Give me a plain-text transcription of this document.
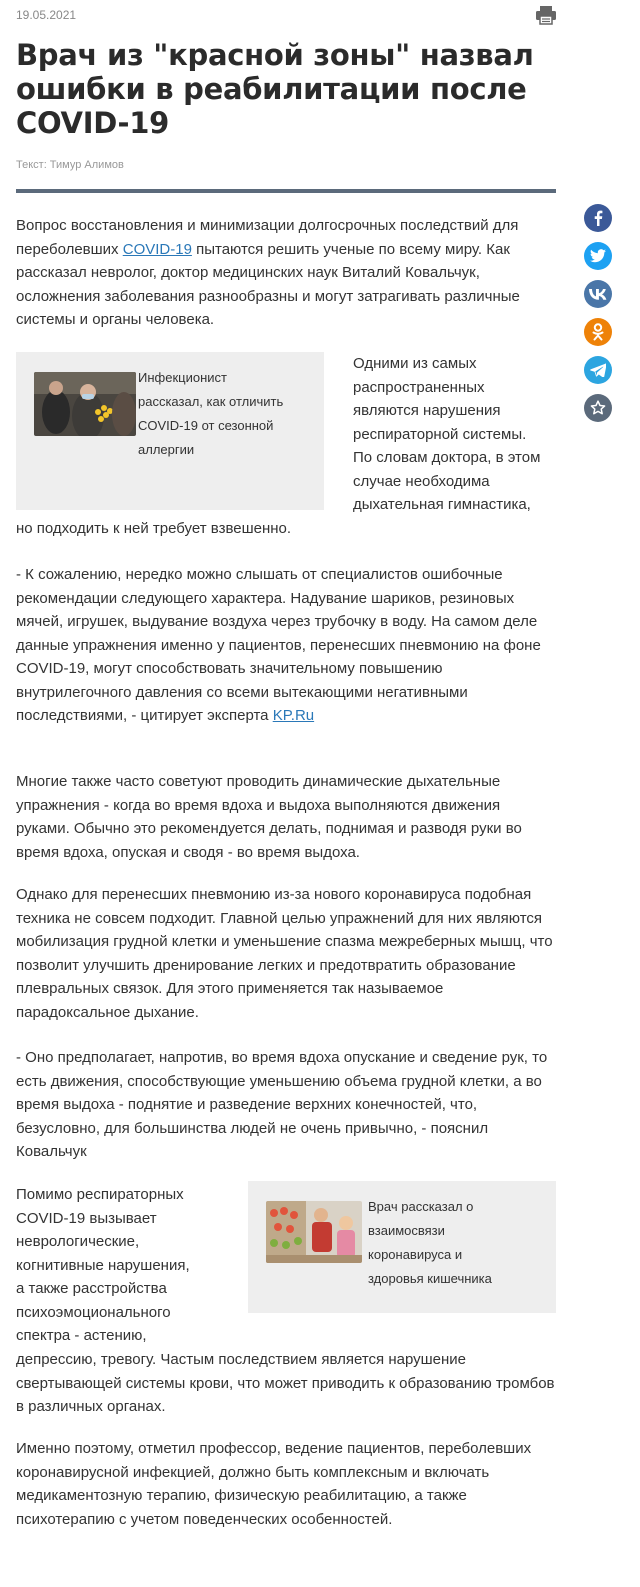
19.05.2021
Врач из "красной зоны" назвал ошибки в реабилитации после COVID-19
Текст: Тимур Алимов

Вопрос восстановления и минимизации долгосрочных последствий для переболевших COVID-19 пытаются решить ученые по всему миру. Как рассказал невролог, доктор медицинских наук Виталий Ковальчук, осложнения заболевания разнообразны и могут затрагивать различные системы и органы человека.

Инфекционист
рассказал, как отличить
COVID-19 от сезонной
аллергии
Одними из самых
распространенных
являются нарушения
респираторной системы.
По словам доктора, в этом
случае необходима
дыхательная гимнастика,

но подходить к ней требует взвешенно.

- К сожалению, нередко можно слышать от специалистов ошибочные рекомендации следующего характера. Надувание шариков, резиновых мячей, игрушек, выдувание воздуха через трубочку в воду. На самом деле данные упражнения именно у пациентов, перенесших пневмонию на фоне COVID-19, могут способствовать значительному повышению внутрилегочного давления со всеми вытекающими негативными последствиями, - цитирует эксперта KP.Ru

Многие также часто советуют проводить динамические дыхательные упражнения - когда во время вдоха и выдоха выполняются движения руками. Обычно это рекомендуется делать, поднимая и разводя руки во время вдоха, опуская и сводя - во время выдоха.

Однако для перенесших пневмонию из-за нового коронавируса подобная техника не совсем подходит. Главной целью упражнений для них являются мобилизация грудной клетки и уменьшение спазма межреберных мышц, что позволит улучшить дренирование легких и предотвратить образование плевральных связок. Для этого применяется так называемое парадоксальное дыхание.

- Оно предполагает, напротив, во время вдоха опускание и сведение рук, то есть движения, способствующие уменьшению объема грудной клетки, а во время выдоха - поднятие и разведение верхних конечностей, что, безусловно, для большинства людей не очень привычно, - пояснил Ковальчук

Помимо респираторных
COVID-19 вызывает
неврологические,
когнитивные нарушения,
а также расстройства
психоэмоционального
спектра - астению,
Врач рассказал о
взаимосвязи
коронавируса и
здоровья кишечника

депрессию, тревогу. Частым последствием является нарушение свертывающей системы крови, что может приводить к образованию тромбов в различных органах.

Именно поэтому, отметил профессор, ведение пациентов, переболевших коронавирусной инфекцией, должно быть комплексным и включать медикаментозную терапию, физическую реабилитацию, а также психотерапию с учетом поведенческих особенностей.
